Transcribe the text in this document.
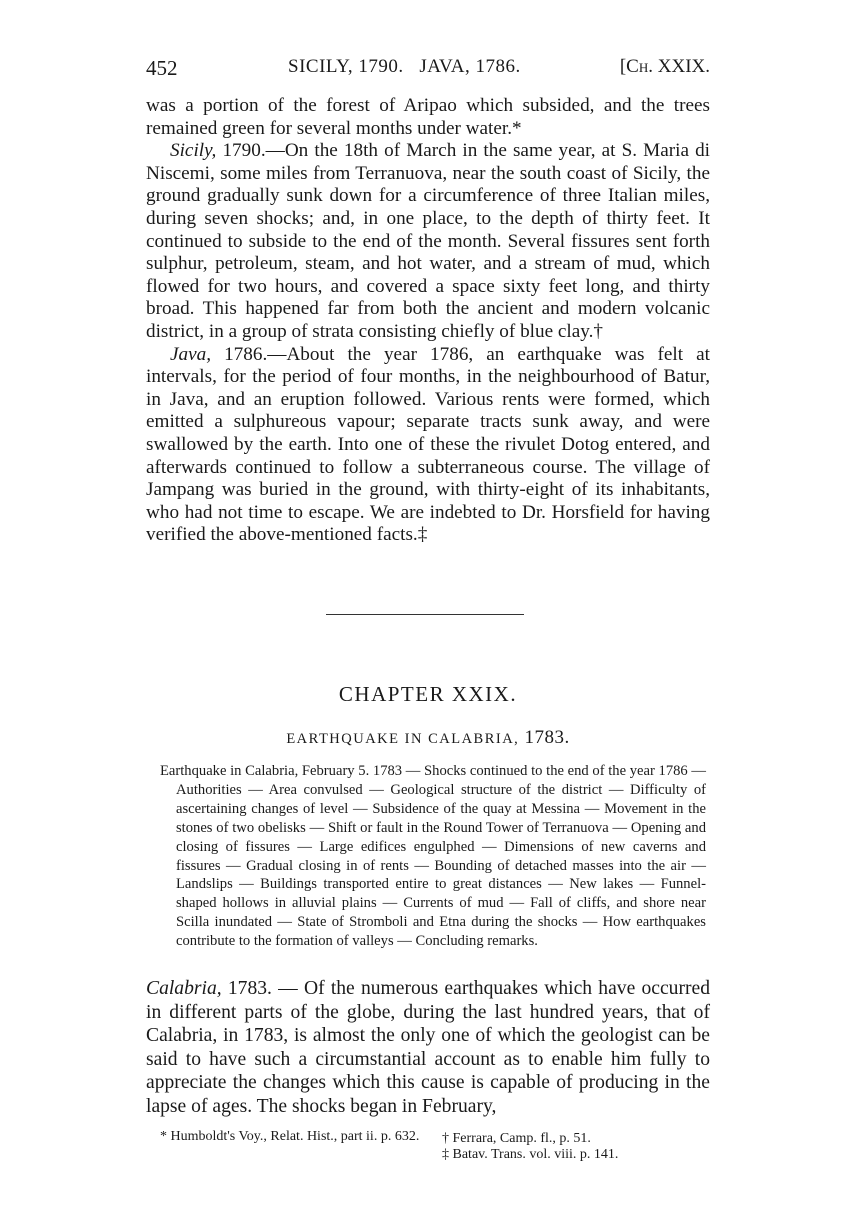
452	SICILY, 1790.   JAVA, 1786.	[Ch. XXIX.

was a portion of the forest of Aripao which subsided, and the trees remained green for several months under water.*

Sicily, 1790.—On the 18th of March in the same year, at S. Maria di Niscemi, some miles from Terranuova, near the south coast of Sicily, the ground gradually sunk down for a circumference of three Italian miles, during seven shocks; and, in one place, to the depth of thirty feet. It continued to subside to the end of the month. Several fissures sent forth sulphur, petroleum, steam, and hot water, and a stream of mud, which flowed for two hours, and covered a space sixty feet long, and thirty broad. This happened far from both the ancient and modern volcanic district, in a group of strata consisting chiefly of blue clay.†

Java, 1786.—About the year 1786, an earthquake was felt at intervals, for the period of four months, in the neighbourhood of Batur, in Java, and an eruption followed. Various rents were formed, which emitted a sulphureous vapour; separate tracts sunk away, and were swallowed by the earth. Into one of these the rivulet Dotog entered, and afterwards continued to follow a subterraneous course. The village of Jampang was buried in the ground, with thirty-eight of its inhabitants, who had not time to escape. We are indebted to Dr. Horsfield for having verified the above-mentioned facts.‡

CHAPTER XXIX.
EARTHQUAKE IN CALABRIA, 1783.

Earthquake in Calabria, February 5. 1783 — Shocks continued to the end of the year 1786 — Authorities — Area convulsed — Geological structure of the district — Difficulty of ascertaining changes of level — Subsidence of the quay at Messina — Movement in the stones of two obelisks — Shift or fault in the Round Tower of Terranuova — Opening and closing of fissures — Large edifices engulphed — Dimensions of new caverns and fissures — Gradual closing in of rents — Bounding of detached masses into the air — Landslips — Buildings transported entire to great distances — New lakes — Funnel-shaped hollows in alluvial plains — Currents of mud — Fall of cliffs, and shore near Scilla inundated — State of Stromboli and Etna during the shocks — How earthquakes contribute to the formation of valleys — Concluding remarks.

Calabria, 1783. — Of the numerous earthquakes which have occurred in different parts of the globe, during the last hundred years, that of Calabria, in 1783, is almost the only one of which the geologist can be said to have such a circumstantial account as to enable him fully to appreciate the changes which this cause is capable of producing in the lapse of ages. The shocks began in February,

* Humboldt's Voy., Relat. Hist., part ii. p. 632.	† Ferrara, Camp. fl., p. 51.

‡ Batav. Trans. vol. viii. p. 141.
